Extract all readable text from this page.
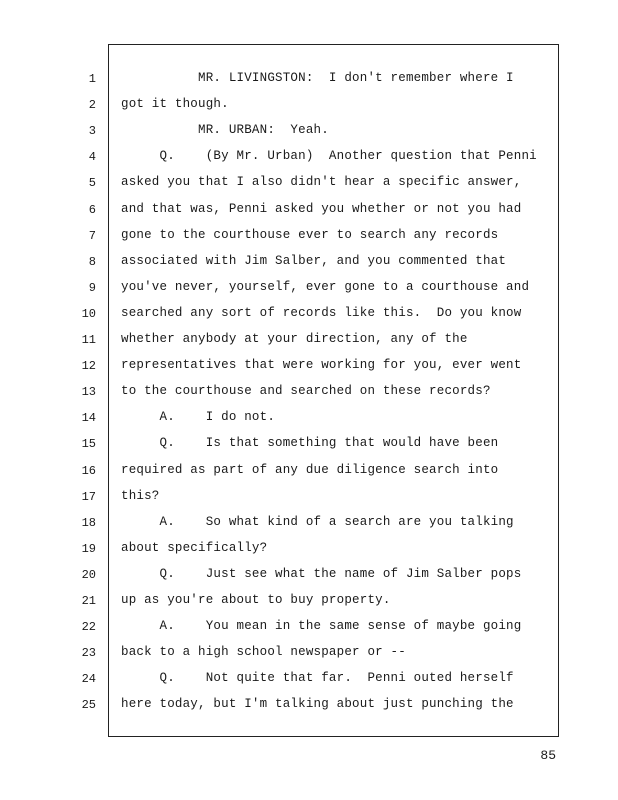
1 MR. LIVINGSTON:  I don't remember where I
2 got it though.
3 MR. URBAN:  Yeah.
4 Q.    (By Mr. Urban)  Another question that Penni
5 asked you that I also didn't hear a specific answer,
6 and that was, Penni asked you whether or not you had
7 gone to the courthouse ever to search any records
8 associated with Jim Salber, and you commented that
9 you've never, yourself, ever gone to a courthouse and
10 searched any sort of records like this.  Do you know
11 whether anybody at your direction, any of the
12 representatives that were working for you, ever went
13 to the courthouse and searched on these records?
14 A.    I do not.
15 Q.    Is that something that would have been
16 required as part of any due diligence search into
17 this?
18 A.    So what kind of a search are you talking
19 about specifically?
20 Q.    Just see what the name of Jim Salber pops
21 up as you're about to buy property.
22 A.    You mean in the same sense of maybe going
23 back to a high school newspaper or --
24 Q.    Not quite that far.  Penni outed herself
25 here today, but I'm talking about just punching the
85
